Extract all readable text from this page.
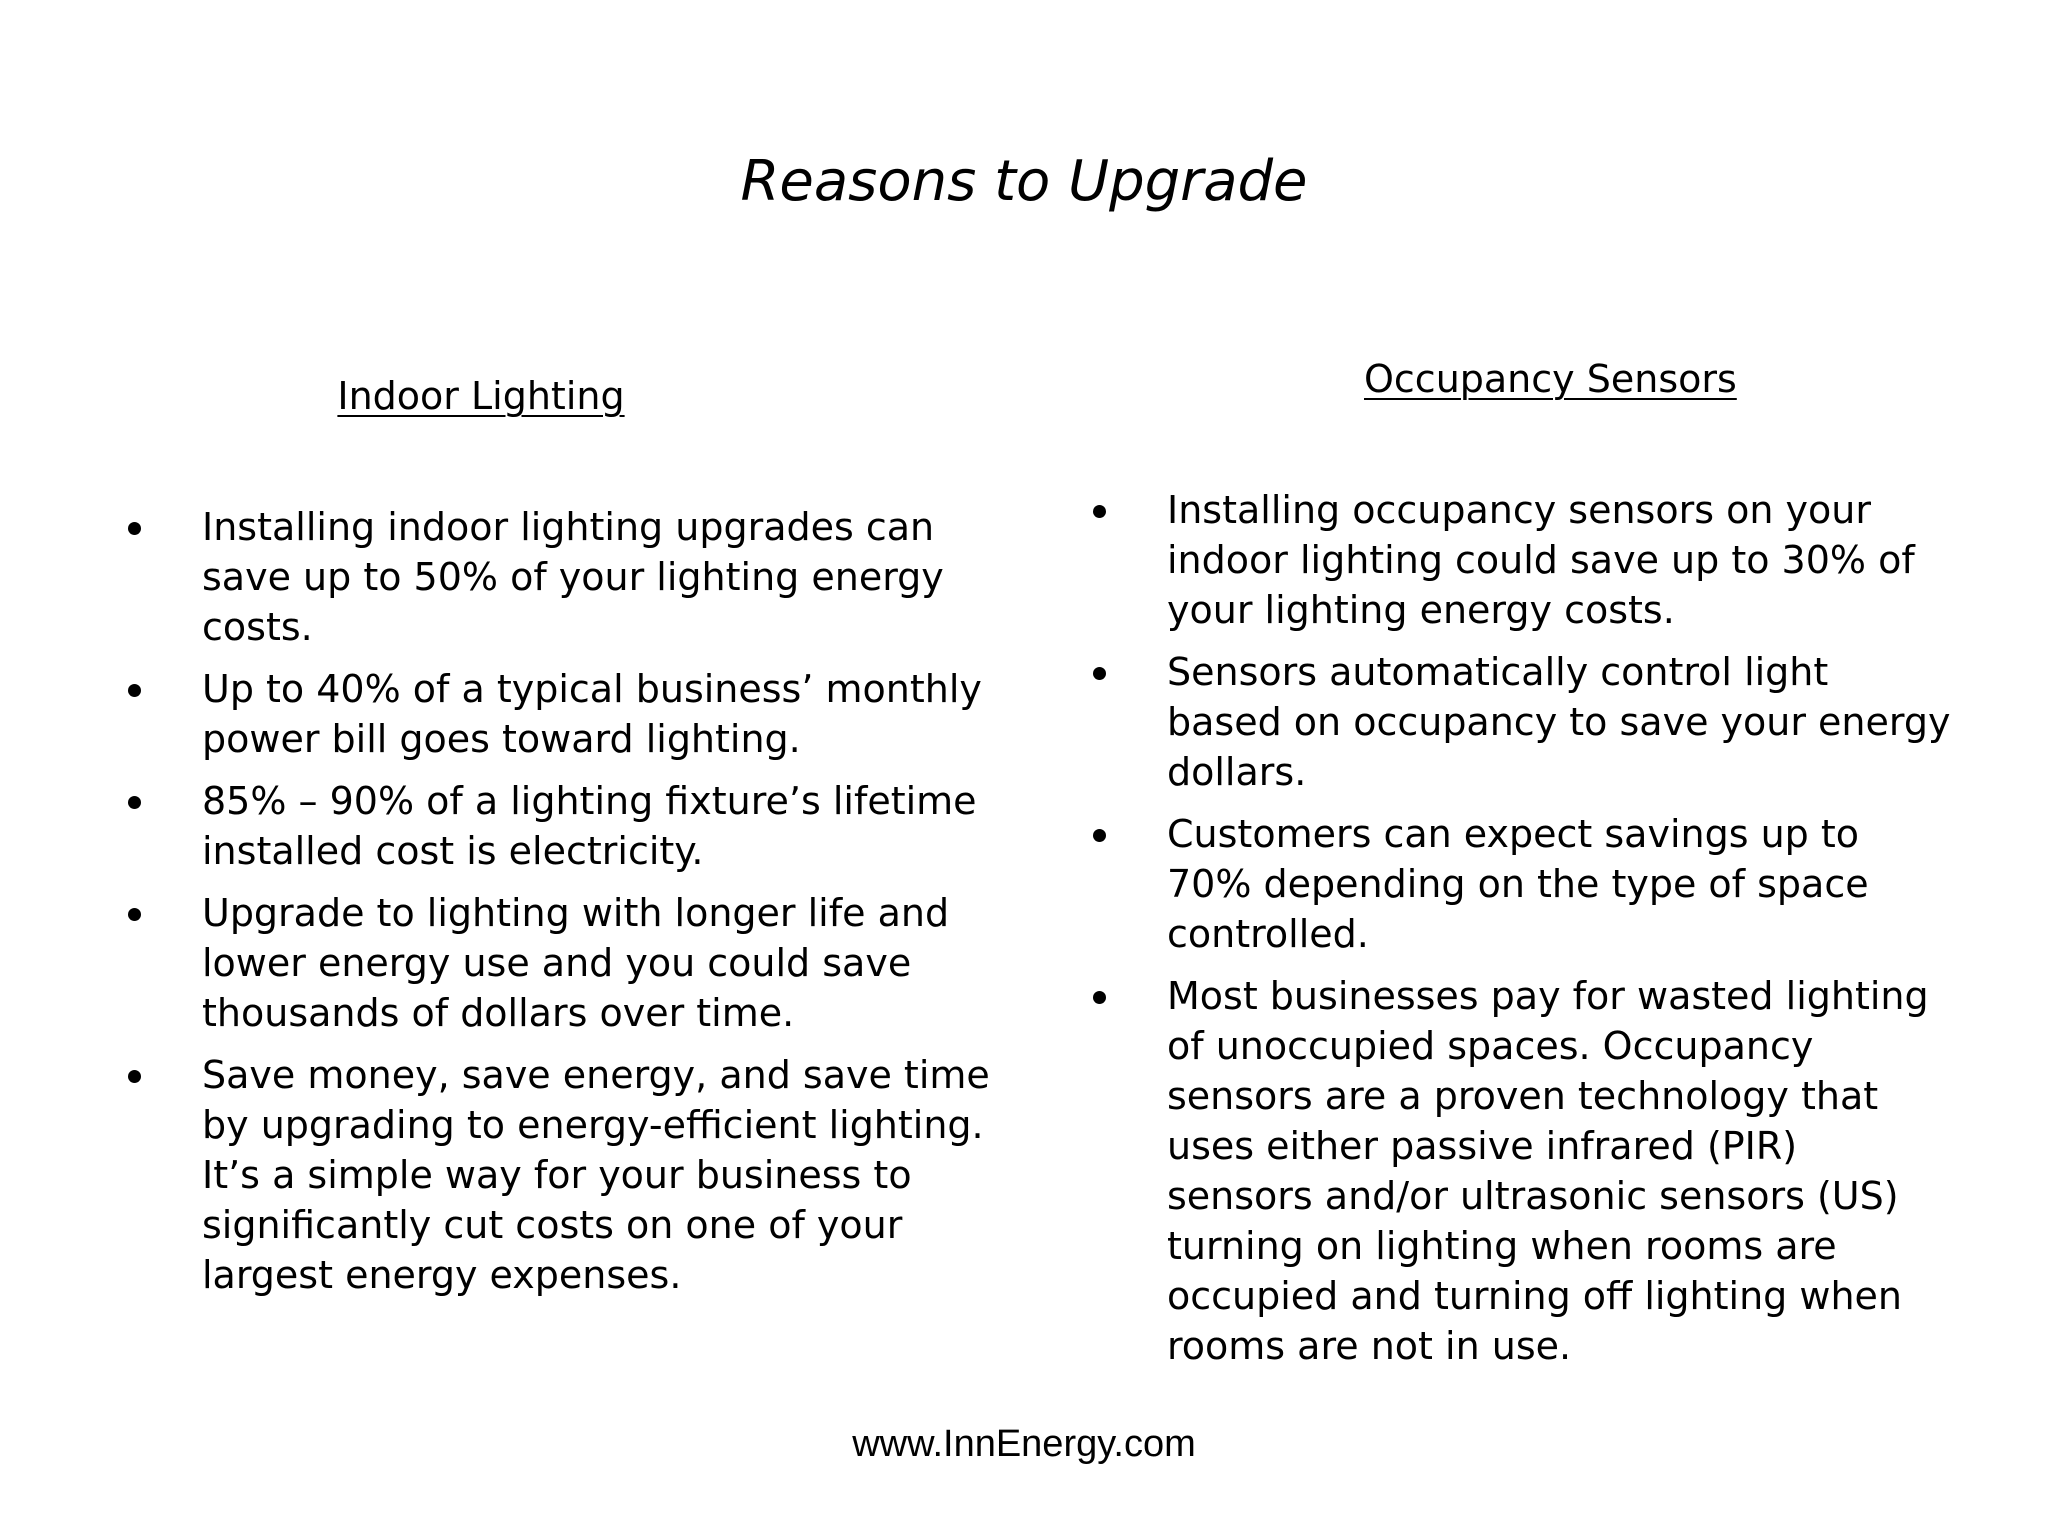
Reasons to Upgrade
Indoor Lighting
Installing indoor lighting upgrades can save up to 50% of your lighting energy costs.
Up to 40% of a typical business’ monthly power bill goes toward lighting.
85% – 90% of a lighting fixture’s lifetime installed cost is electricity.
Upgrade to lighting with longer life and lower energy use and you could save thousands of dollars over time.
Save money, save energy, and save time by upgrading to energy-efficient lighting. It’s a simple way for your business to significantly cut costs on one of your largest energy expenses.
Occupancy Sensors
Installing occupancy sensors on your indoor lighting could save up to 30% of your lighting energy costs.
Sensors automatically control light based on occupancy to save your energy dollars.
Customers can expect savings up to 70% depending on the type of space controlled.
Most businesses pay for wasted lighting of unoccupied spaces. Occupancy sensors are a proven technology that uses either passive infrared (PIR) sensors and/or ultrasonic sensors (US) turning on lighting when rooms are occupied and turning off lighting when rooms are not in use.
www.InnEnergy.com
